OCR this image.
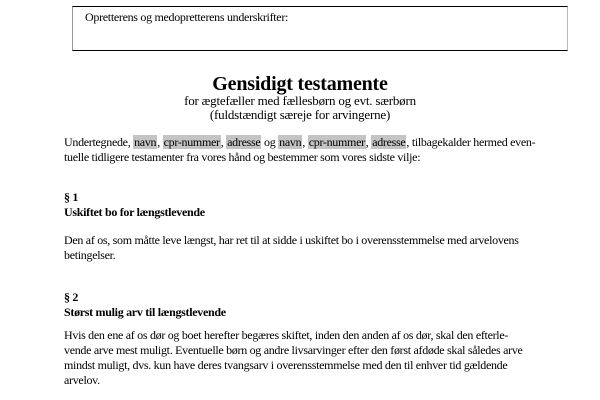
Opretterens og medopretterens underskrifter:
Gensidigt testamente
for ægtefæller med fællesbørn og evt. særbørn
(fuldstændigt særeje for arvingerne)
Undertegnede, navn, cpr-nummer, adresse og navn, cpr-nummer, adresse, tilbagekalder hermed even-
tuelle tidligere testamenter fra vores hånd og bestemmer som vores sidste vilje:
§ 1
Uskiftet bo for længstlevende
Den af os, som måtte leve længst, har ret til at sidde i uskiftet bo i overensstemmelse med arvelovens
betingelser.
§ 2
Størst mulig arv til længstlevende
Hvis den ene af os dør og boet herefter begæres skiftet, inden den anden af os dør, skal den efterle-
vende arve mest muligt. Eventuelle børn og andre livsarvinger efter den først afdøde skal således arve
mindst muligt, dvs. kun have deres tvangsarv i overensstemmelse med den til enhver tid gældende
arvelov.
